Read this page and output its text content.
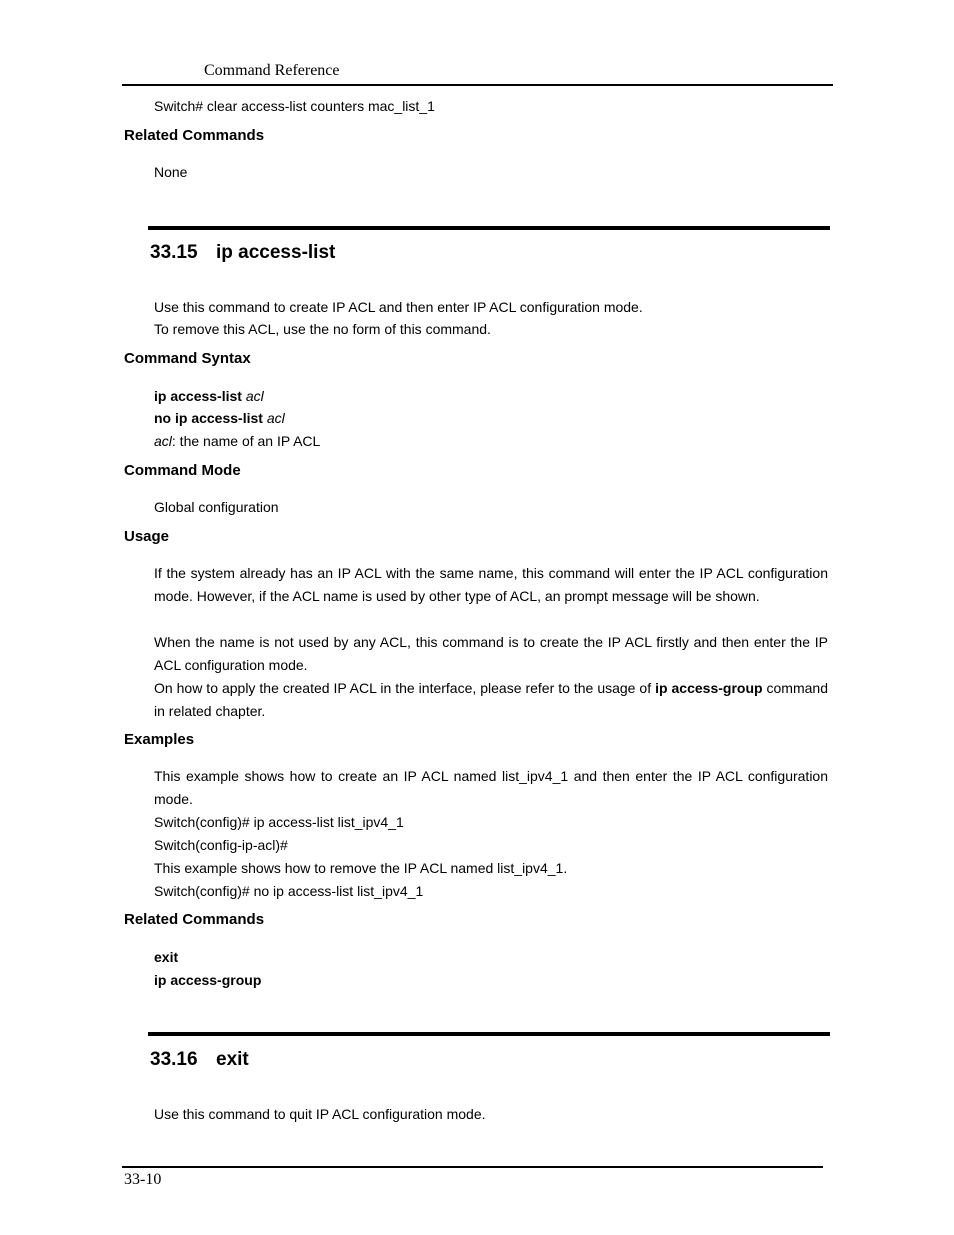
Command Reference
Switch# clear access-list counters mac_list_1
Related Commands
None
33.15 ip access-list
Use this command to create IP ACL and then enter IP ACL configuration mode.
To remove this ACL, use the no form of this command.
Command Syntax
ip access-list acl
no ip access-list acl
acl: the name of an IP ACL
Command Mode
Global configuration
Usage
If the system already has an IP ACL with the same name, this command will enter the IP ACL configuration mode. However, if the ACL name is used by other type of ACL, an prompt message will be shown.
When the name is not used by any ACL, this command is to create the IP ACL firstly and then enter the IP ACL configuration mode.
On how to apply the created IP ACL in the interface, please refer to the usage of ip access-group command in related chapter.
Examples
This example shows how to create an IP ACL named list_ipv4_1 and then enter the IP ACL configuration mode.
Switch(config)# ip access-list list_ipv4_1
Switch(config-ip-acl)#
This example shows how to remove the IP ACL named list_ipv4_1.
Switch(config)# no ip access-list list_ipv4_1
Related Commands
exit
ip access-group
33.16 exit
Use this command to quit IP ACL configuration mode.
33-10
